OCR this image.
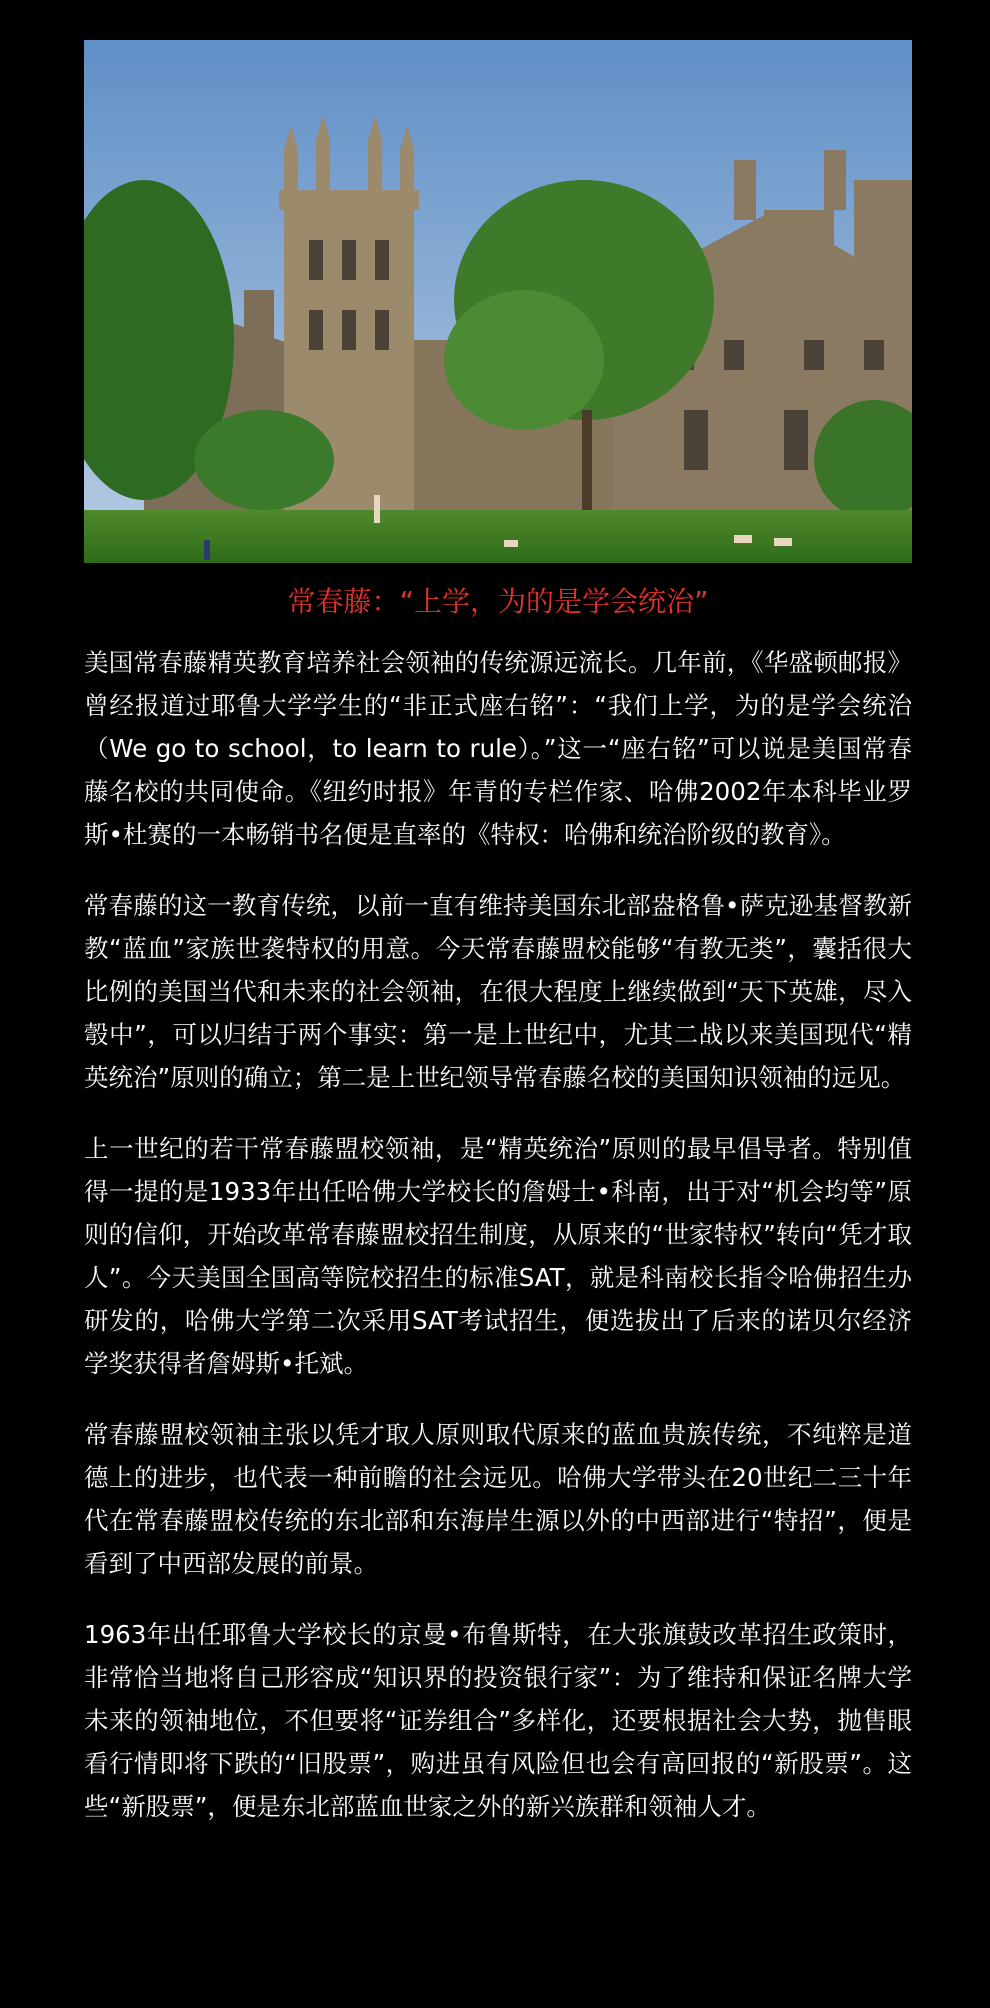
常春藤：“上学，为的是学会统治”

美国常春藤精英教育培养社会领袖的传统源远流长。几年前，《华盛顿邮报》曾经报道过耶鲁大学学生的“非正式座右铭”：“我们上学，为的是学会统治（We go to school，to learn to rule）。”这一“座右铭”可以说是美国常春藤名校的共同使命。《纽约时报》年青的专栏作家、哈佛2002年本科毕业罗斯•杜赛的一本畅销书名便是直率的《特权：哈佛和统治阶级的教育》。

常春藤的这一教育传统，以前一直有维持美国东北部盎格鲁•萨克逊基督教新教“蓝血”家族世袭特权的用意。今天常春藤盟校能够“有教无类”，囊括很大比例的美国当代和未来的社会领袖，在很大程度上继续做到“天下英雄，尽入彀中”，可以归结于两个事实：第一是上世纪中，尤其二战以来美国现代“精英统治”原则的确立；第二是上世纪领导常春藤名校的美国知识领袖的远见。

上一世纪的若干常春藤盟校领袖，是“精英统治”原则的最早倡导者。特别值得一提的是1933年出任哈佛大学校长的詹姆士•科南，出于对“机会均等”原则的信仰，开始改革常春藤盟校招生制度，从原来的“世家特权”转向“凭才取人”。今天美国全国高等院校招生的标准SAT，就是科南校长指令哈佛招生办研发的，哈佛大学第二次采用SAT考试招生，便选拔出了后来的诺贝尔经济学奖获得者詹姆斯•托斌。

常春藤盟校领袖主张以凭才取人原则取代原来的蓝血贵族传统，不纯粹是道德上的进步，也代表一种前瞻的社会远见。哈佛大学带头在20世纪二三十年代在常春藤盟校传统的东北部和东海岸生源以外的中西部进行“特招”，便是看到了中西部发展的前景。

1963年出任耶鲁大学校长的京曼•布鲁斯特，在大张旗鼓改革招生政策时，非常恰当地将自己形容成“知识界的投资银行家”：为了维持和保证名牌大学未来的领袖地位，不但要将“证券组合”多样化，还要根据社会大势，抛售眼看行情即将下跌的“旧股票”，购进虽有风险但也会有高回报的“新股票”。这些“新股票”，便是东北部蓝血世家之外的新兴族群和领袖人才。
